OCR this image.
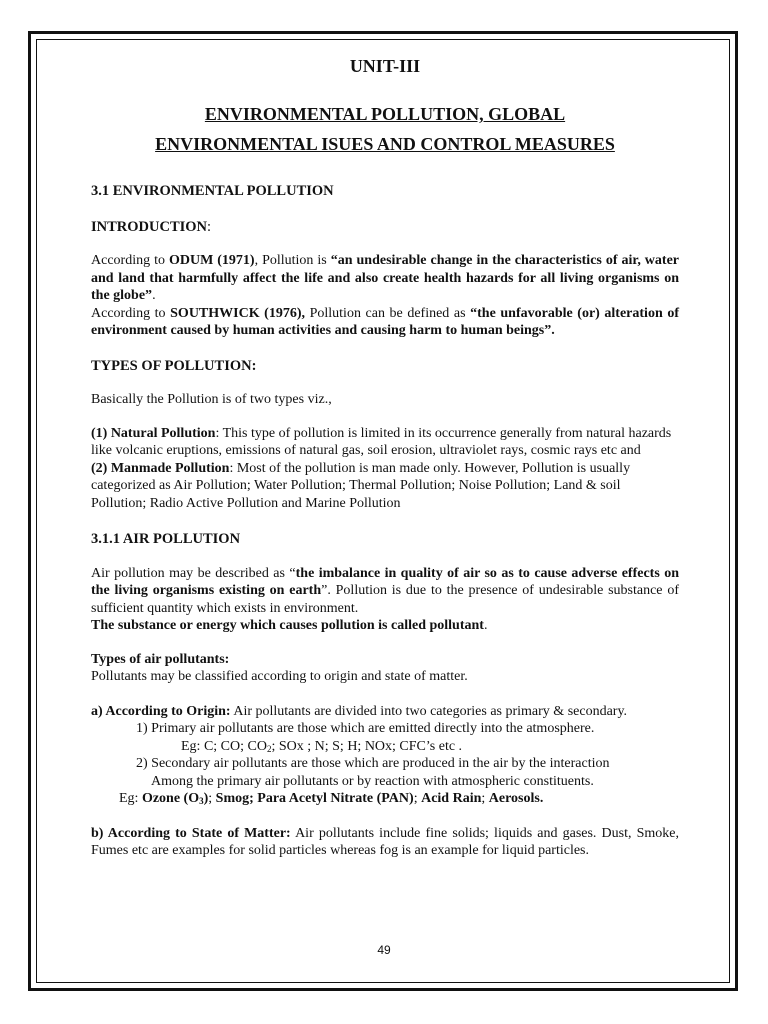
UNIT-III

ENVIRONMENTAL POLLUTION, GLOBAL

ENVIRONMENTAL ISUES AND CONTROL MEASURES

3.1 ENVIRONMENTAL POLLUTION

INTRODUCTION:

According to ODUM (1971), Pollution is “an undesirable change in the characteristics of air, water and land that harmfully affect the life and also create health hazards for all living organisms on the globe”.

According to SOUTHWICK (1976), Pollution can be defined as “the unfavorable (or) alteration of environment caused by human activities and causing harm to human beings”.

TYPES OF POLLUTION:

Basically the Pollution is of two types viz.,

(1) Natural Pollution: This type of pollution is limited in its occurrence generally from natural hazards like volcanic eruptions, emissions of natural gas, soil erosion, ultraviolet rays, cosmic rays etc and

(2) Manmade Pollution: Most of the pollution is man made only. However, Pollution is usually categorized as Air Pollution; Water Pollution; Thermal Pollution; Noise Pollution; Land & soil Pollution; Radio Active Pollution and Marine Pollution

3.1.1 AIR POLLUTION

Air pollution may be described as “the imbalance in quality of air so as to cause adverse effects on the living organisms existing on earth”. Pollution is due to the presence of undesirable substance of sufficient quantity which exists in environment.

The substance or energy which causes pollution is called pollutant.

Types of air pollutants:

Pollutants may be classified according to origin and state of matter.

a) According to Origin: Air pollutants are divided into two categories as primary & secondary.

1) Primary air pollutants are those which are emitted directly into the atmosphere.

Eg: C; CO; $CO_2$; SOx ; N; S; H; NOx; CFC’s etc .

2) Secondary air pollutants are those which are produced in the air by the interaction

Among the primary air pollutants or by reaction with atmospheric constituents.

Eg: Ozone $(O_3)$; Smog; Para Acetyl Nitrate (PAN); Acid Rain; Aerosols.

b) According to State of Matter: Air pollutants include fine solids; liquids and gases. Dust, Smoke, Fumes etc are examples for solid particles whereas fog is an example for liquid particles.

49
